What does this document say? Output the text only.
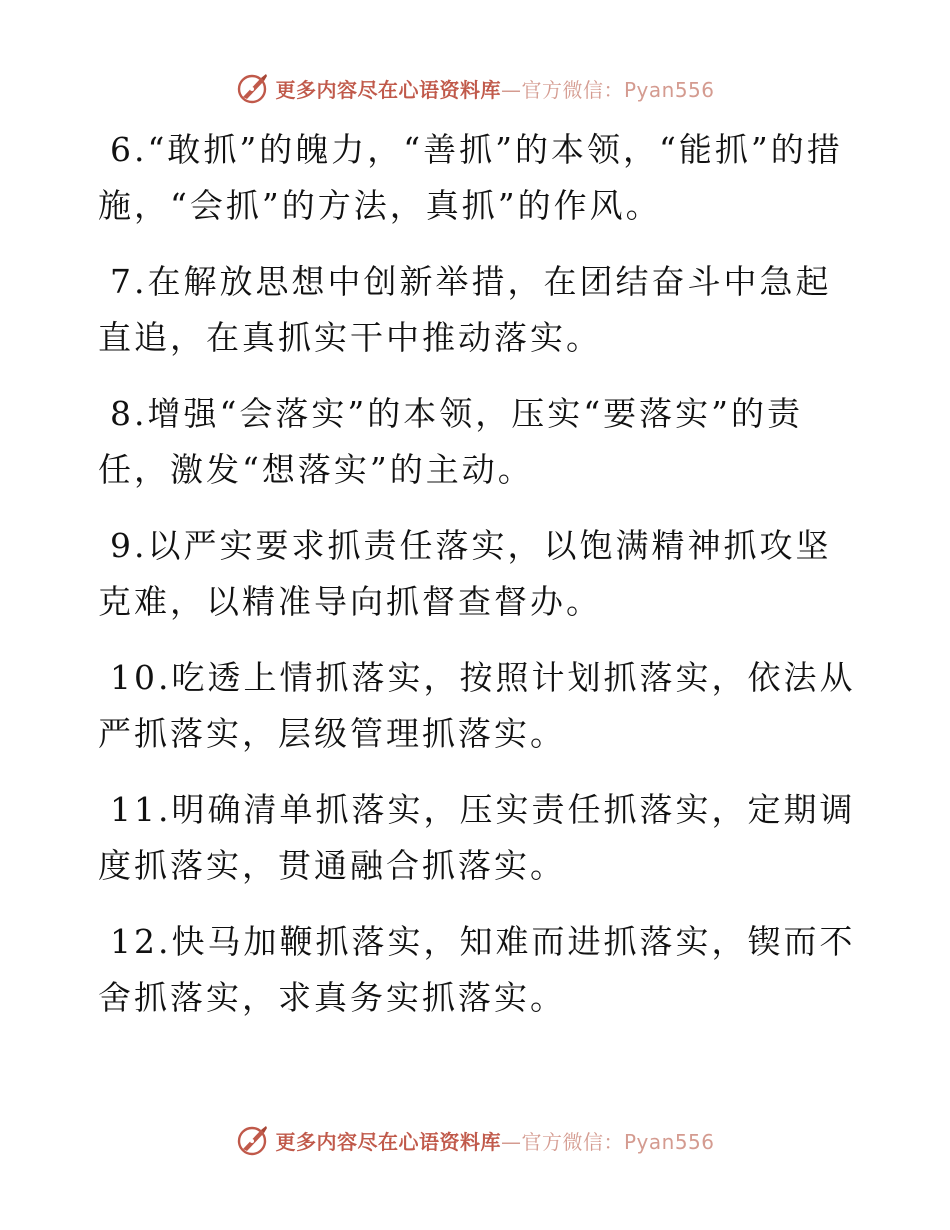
更多内容尽在心语资料库—官方微信：Pyan556

6.“敢抓”的魄力，“善抓”的本领，“能抓”的措施，“会抓”的方法，真抓”的作风。

7.在解放思想中创新举措，在团结奋斗中急起直追，在真抓实干中推动落实。

8.增强“会落实”的本领，压实“要落实”的责任，激发“想落实”的主动。

9.以严实要求抓责任落实，以饱满精神抓攻坚克难，以精准导向抓督查督办。

10.吃透上情抓落实，按照计划抓落实，依法从严抓落实，层级管理抓落实。

11.明确清单抓落实，压实责任抓落实，定期调度抓落实，贯通融合抓落实。

12.快马加鞭抓落实，知难而进抓落实，锲而不舍抓落实，求真务实抓落实。

更多内容尽在心语资料库—官方微信：Pyan556
